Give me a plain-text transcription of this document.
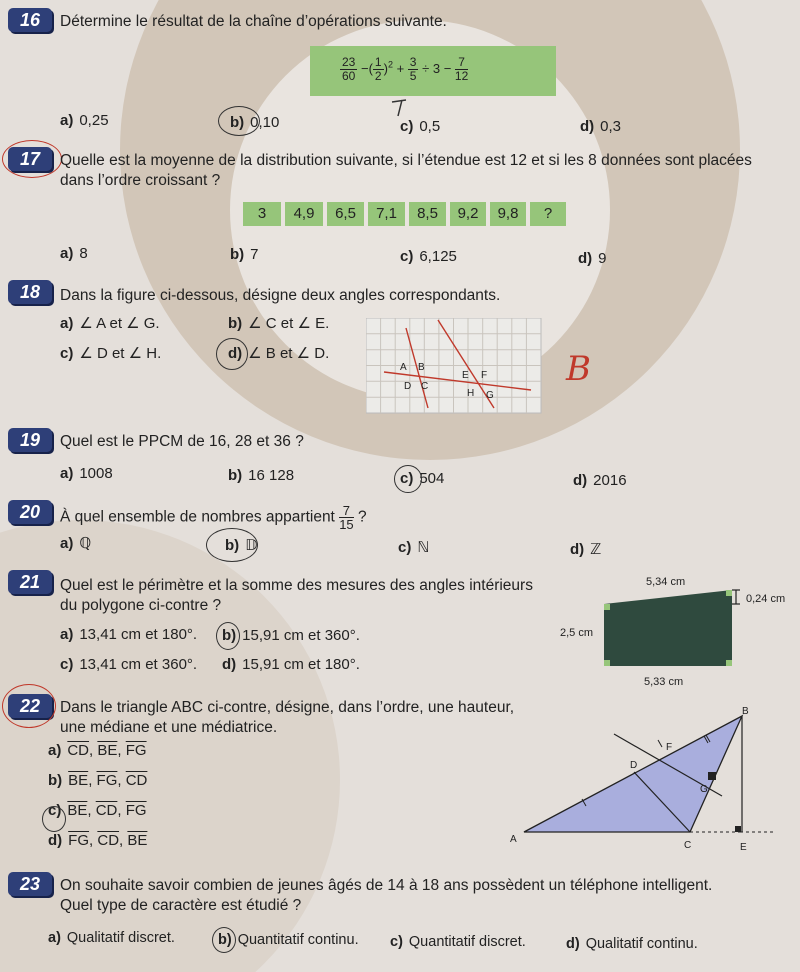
16	Détermine le résultat de la chaîne d’opérations suivante.
$\frac{23}{60}$ −( $\frac{1}{2} )^2 + \frac{3}{5} \div 3 - \frac{7}{12}$
a) 0,25	b) 0,10	c) 0,5	d) 0,3
17	Quelle est la moyenne de la distribution suivante, si l’étendue est 12 et si les 8 données sont placées
dans l’ordre croissant ?
3	4,9	6,5	7,1	8,5	9,2	9,8	?
a) 8	b) 7	c) 6,125	d) 9
18	Dans la figure ci-dessous, désigne deux angles correspondants.
a) ∠ A et ∠ G.	b) ∠ C et ∠ E.
c) ∠ D et ∠ H.	d) ∠ B et ∠ D.
A B
D C
E F
H G
B
19	Quel est le PPCM de 16, 28 et 36 ?
a) 1008	b) 16 128	c) 504	d) 2016
20	À quel ensemble de nombres appartient $\frac{7}{15}$ ?
a) ℚ	b) 𝔻	c) ℕ	d) ℤ
21	Quel est le périmètre et la somme des mesures des angles intérieurs
du polygone ci-contre ?
a) 13,41 cm et 180°. b) 15,91 cm et 360°.
c) 13,41 cm et 360°. d) 15,91 cm et 180°.
5,34 cm
0,24 cm
2,5 cm
5,33 cm
22	Dans le triangle ABC ci-contre, désigne, dans l’ordre, une hauteur,
une médiane et une médiatrice.
a) $\overline{CD}$, $\overline{BE}$, $\overline{FG}$
b) $\overline{BE}$, $\overline{FG}$, $\overline{CD}$
c) $\overline{BE}$, $\overline{CD}$, $\overline{FG}$
d) $\overline{FG}$, $\overline{CD}$, $\overline{BE}$	A
B
C
D
E
F
G
23	On souhaite savoir combien de jeunes âgés de 14 à 18 ans possèdent un téléphone intelligent.
Quel type de caractère est étudié ?
a) Qualitatif discret.	b) Quantitatif continu. c) Quantitatif discret.	d) Qualitatif continu.
